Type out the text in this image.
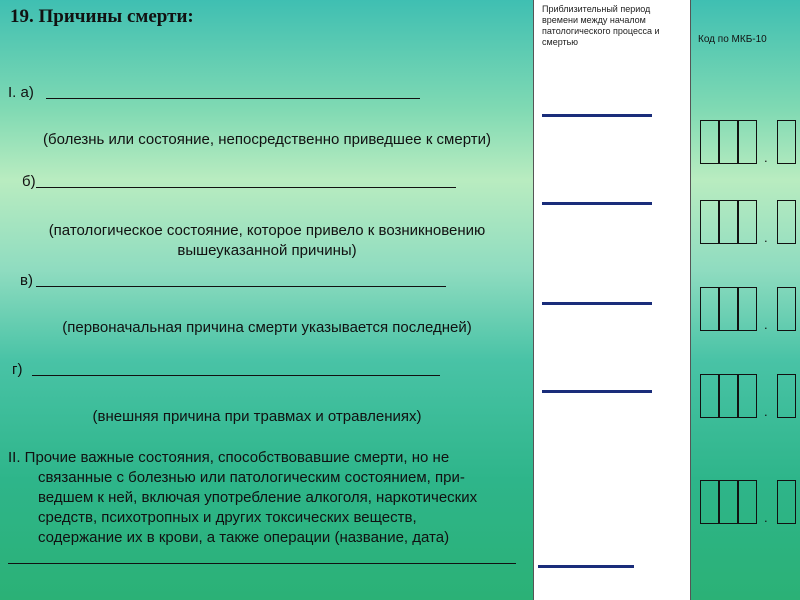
19. Причины смерти:
I. а)
(болезнь или состояние, непосредственно приведшее к смерти)
б)
(патологическое состояние, которое привело к возникновению
вышеуказанной причины)
в)
(первоначальная причина смерти указывается последней)
г)
(внешняя причина при травмах и отравлениях)
II. Прочие важные состояния, способствовавшие смерти, но не
связанные с болезнью или патологическим состоянием, при-
ведшем к ней, включая употребление алкоголя, наркотических
средств, психотропных и других токсических веществ,
содержание их в крови, а также операции (название, дата)
Приблизительный период времени между началом патологического процесса и смертью	Код по МКБ-10
.
.
.
.
.
